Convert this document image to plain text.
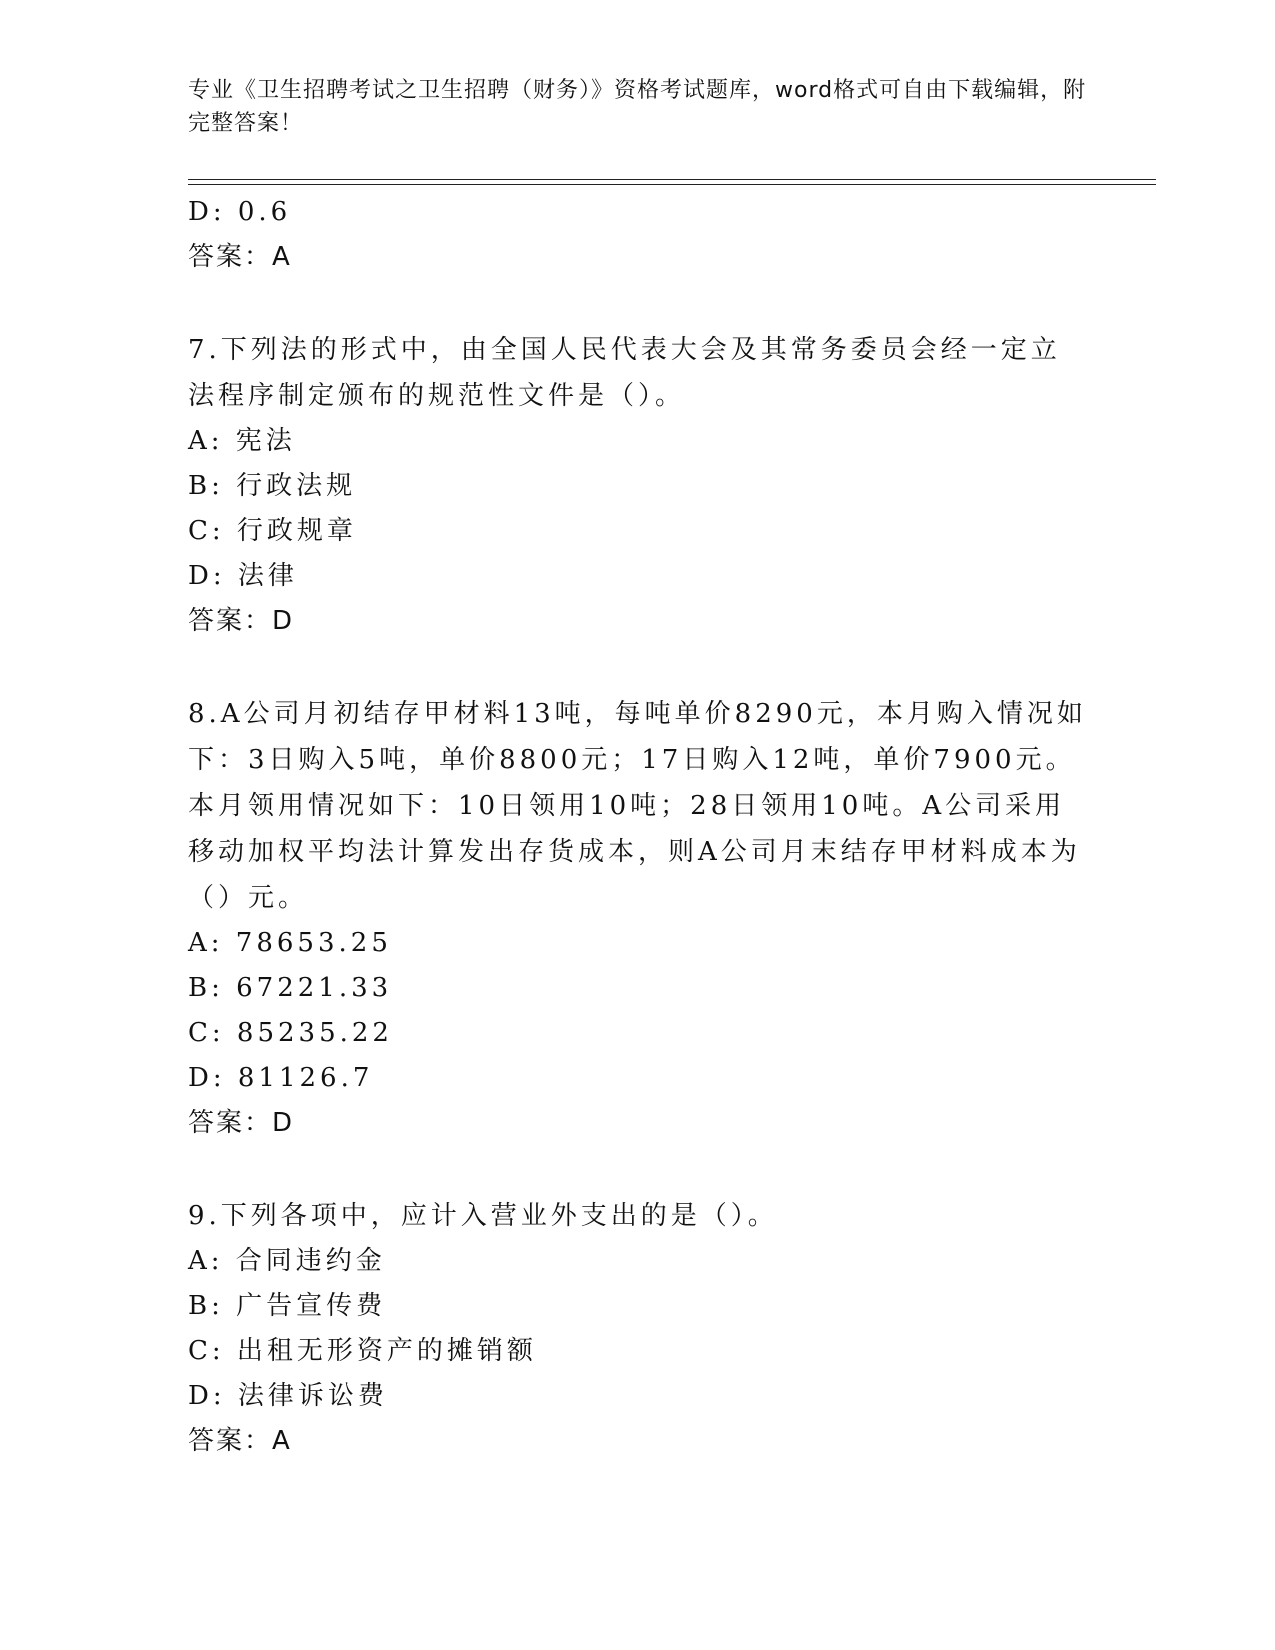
专业《卫生招聘考试之卫生招聘（财务）》资格考试题库，word格式可自由下载编辑，附完整答案！
D: 0.6
答案：A
7.下列法的形式中，由全国人民代表大会及其常务委员会经一定立法程序制定颁布的规范性文件是（）。
A: 宪法
B: 行政法规
C: 行政规章
D: 法律
答案：D
8.A公司月初结存甲材料13吨，每吨单价8290元，本月购入情况如下：3日购入5吨，单价8800元；17日购入12吨，单价7900元。本月领用情况如下：10日领用10吨；28日领用10吨。A公司采用移动加权平均法计算发出存货成本，则A公司月末结存甲材料成本为（）元。
A: 78653.25
B: 67221.33
C: 85235.22
D: 81126.7
答案：D
9.下列各项中，应计入营业外支出的是（）。
A: 合同违约金
B: 广告宣传费
C: 出租无形资产的摊销额
D: 法律诉讼费
答案：A
